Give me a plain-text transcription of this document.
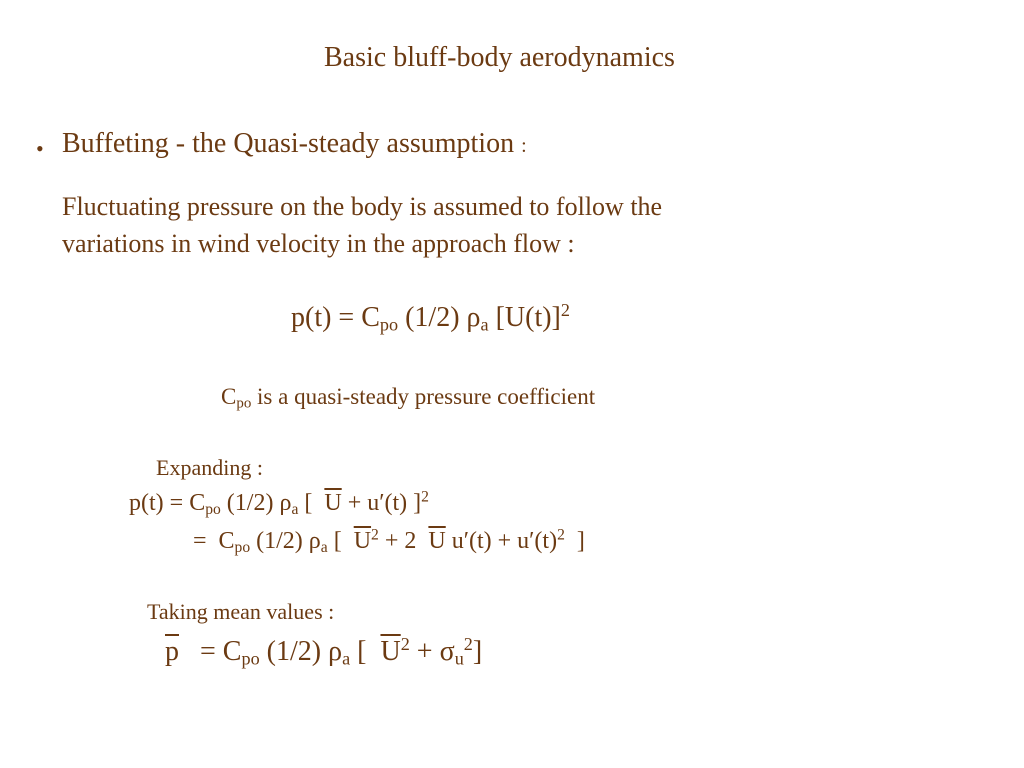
Basic bluff-body aerodynamics
• Buffeting - the Quasi-steady assumption :
Fluctuating pressure on the body is assumed to follow the
variations in wind velocity in the approach flow :
$p(t) = C_{po}$ (1/2) $\rho_a$ $[U(t)]^2$
$C_{po}$ is a quasi-steady pressure coefficient
Expanding :
$p(t) = C_{po}$ (1/2) $\rho_a$ [  $\overline{U} + u'(t)$ ]$^2$
=  $C_{po}$ (1/2) $\rho_a$ [  $\overline{U}^2 + 2$  $\overline{U}$ $u'(t) + u'(t)^2$  ]
Taking mean values :
$\overline{p} = C_{po}$ (1/2) $\rho_a$ [  $\overline{U}^2 + \sigma_u^2$]
